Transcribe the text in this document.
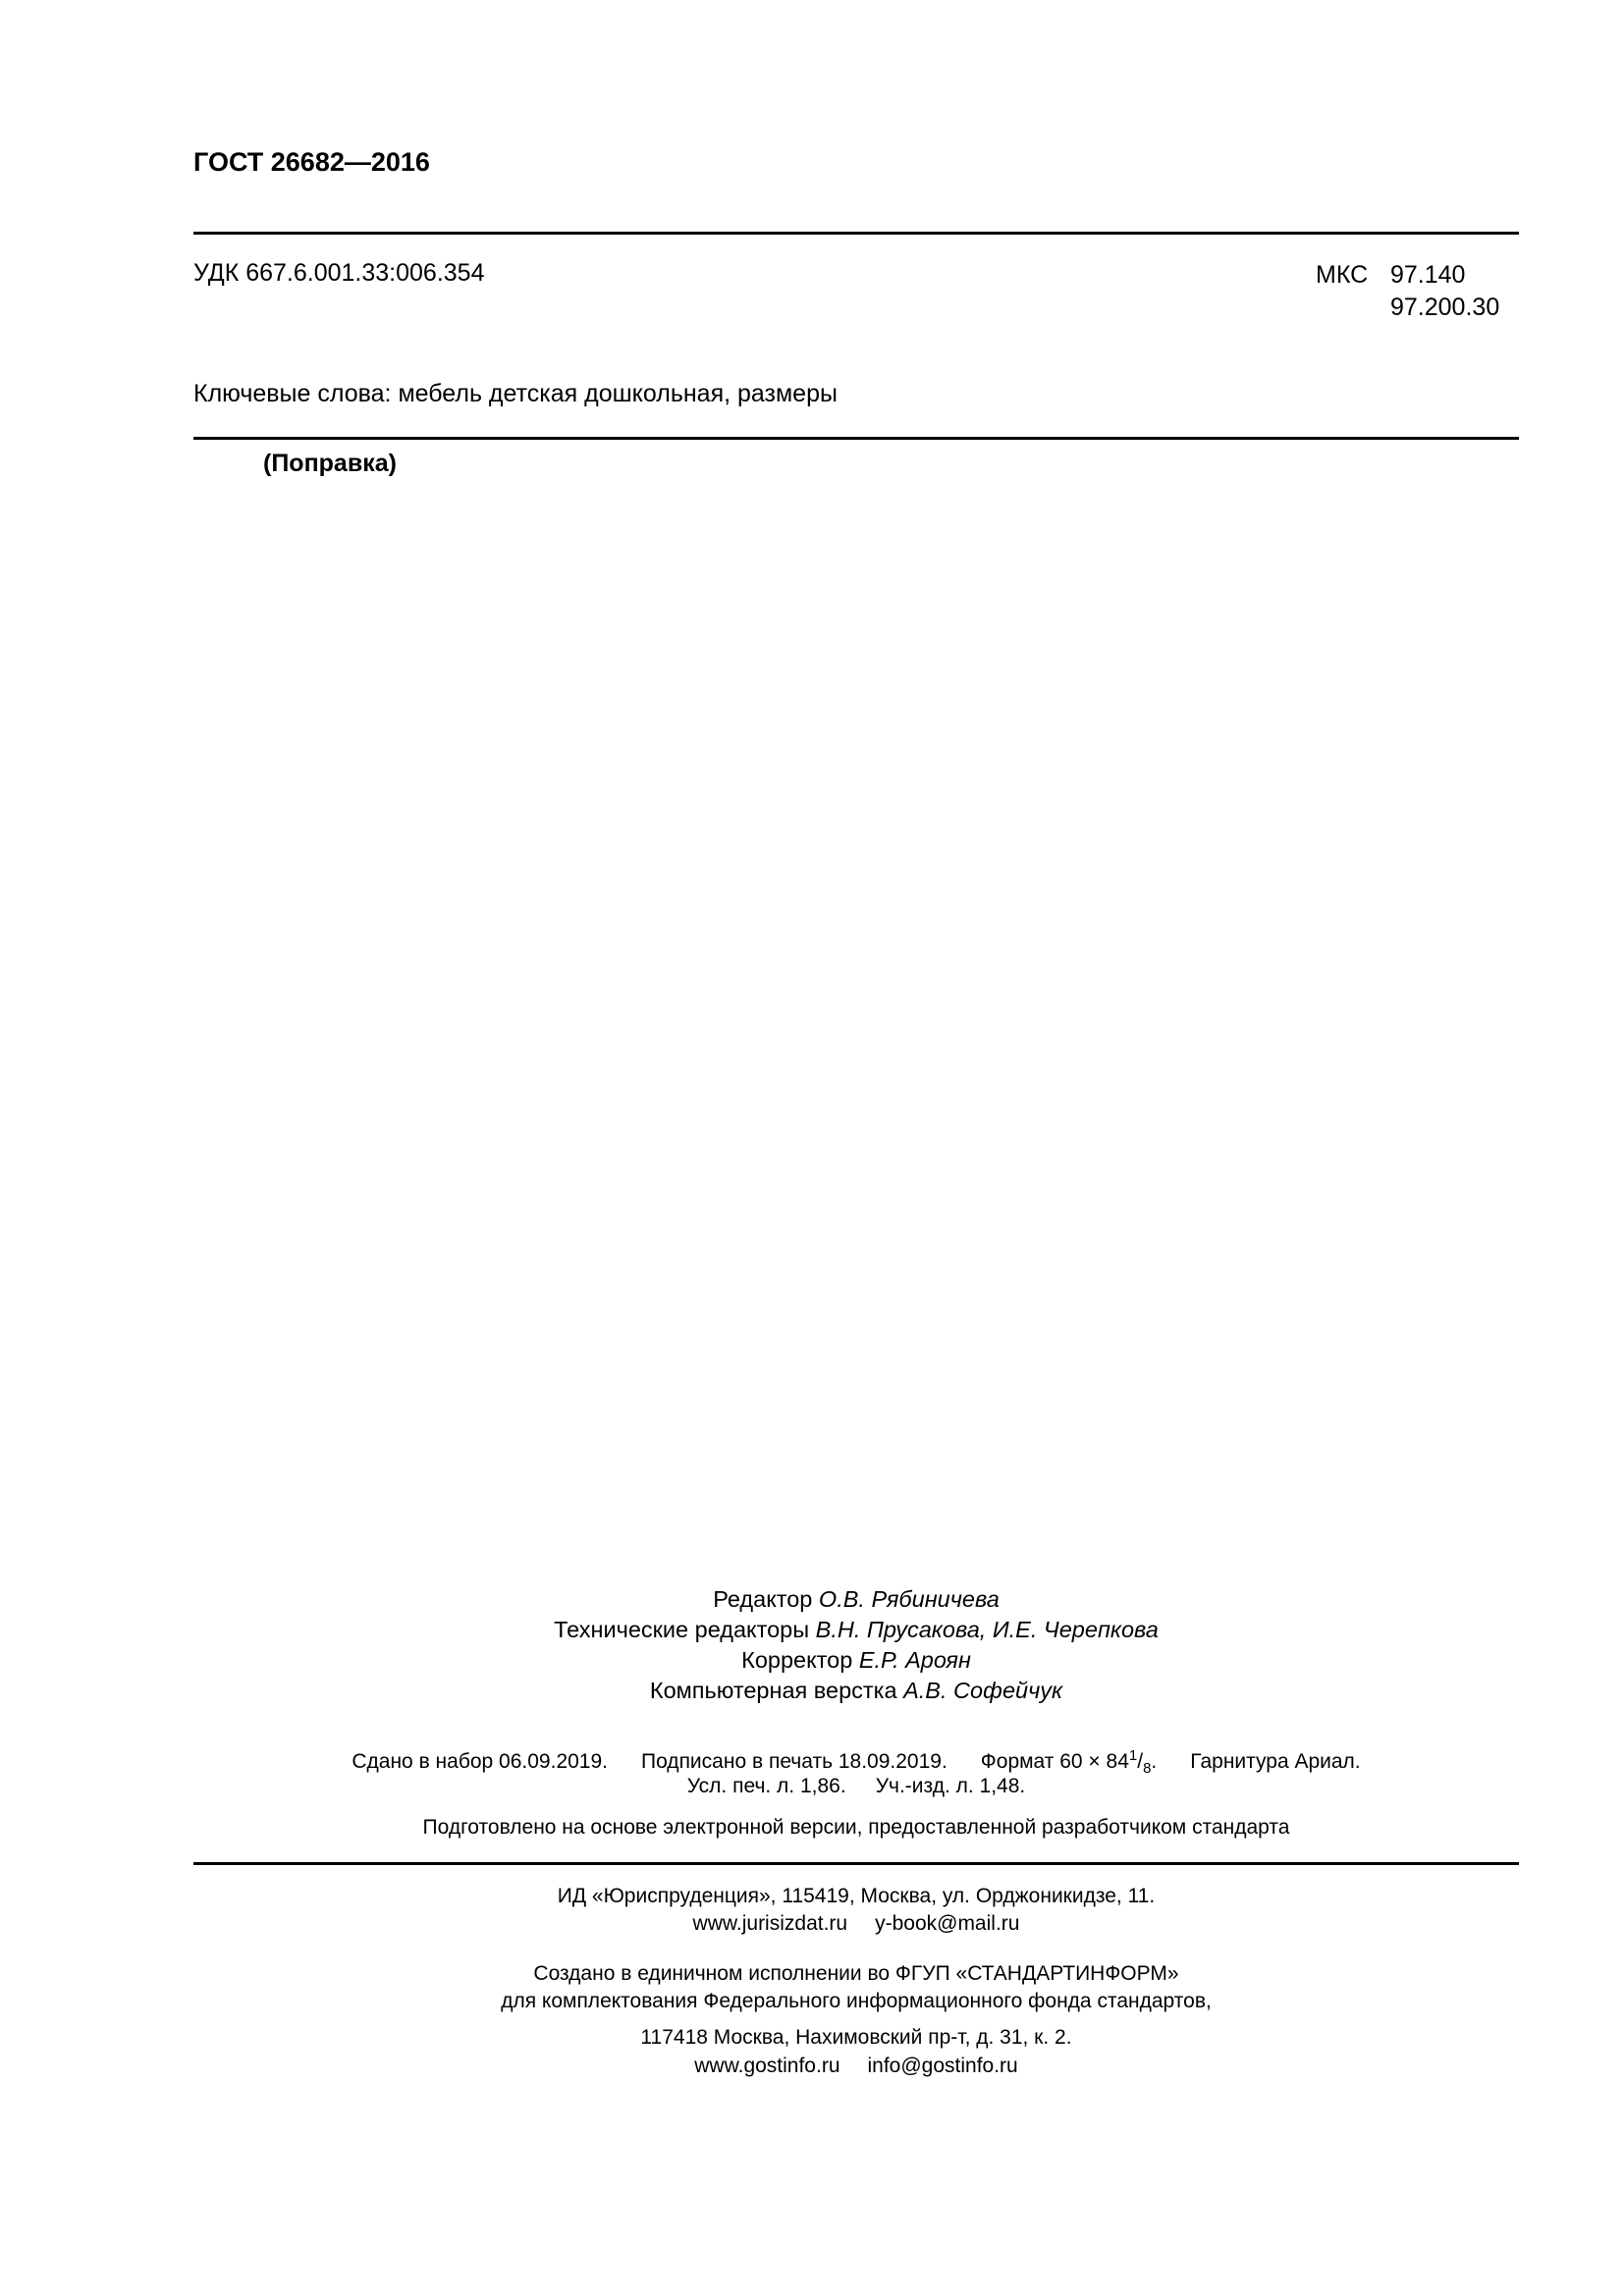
ГОСТ 26682—2016
УДК 667.6.001.33:006.354	МКС 97.140
97.200.30
Ключевые слова: мебель детская дошкольная, размеры
(Поправка)
Редактор О.В. Рябиничева
Технические редакторы В.Н. Прусакова, И.Е. Черепкова
Корректор Е.Р. Ароян
Компьютерная верстка А.В. Софейчук
Сдано в набор 06.09.2019. Подписано в печать 18.09.2019. Формат $60 \times 84^1/_8$. Гарнитура Ариал.
Усл. печ. л. 1,86. Уч.-изд. л. 1,48.
Подготовлено на основе электронной версии, предоставленной разработчиком стандарта
ИД «Юриспруденция», 115419, Москва, ул. Орджоникидзе, 11.
www.jurisizdat.ru y-book@mail.ru
Создано в единичном исполнении во ФГУП «СТАНДАРТИНФОРМ»
для комплектования Федерального информационного фонда стандартов,
117418 Москва, Нахимовский пр-т, д. 31, к. 2.
www.gostinfo.ru info@gostinfo.ru
